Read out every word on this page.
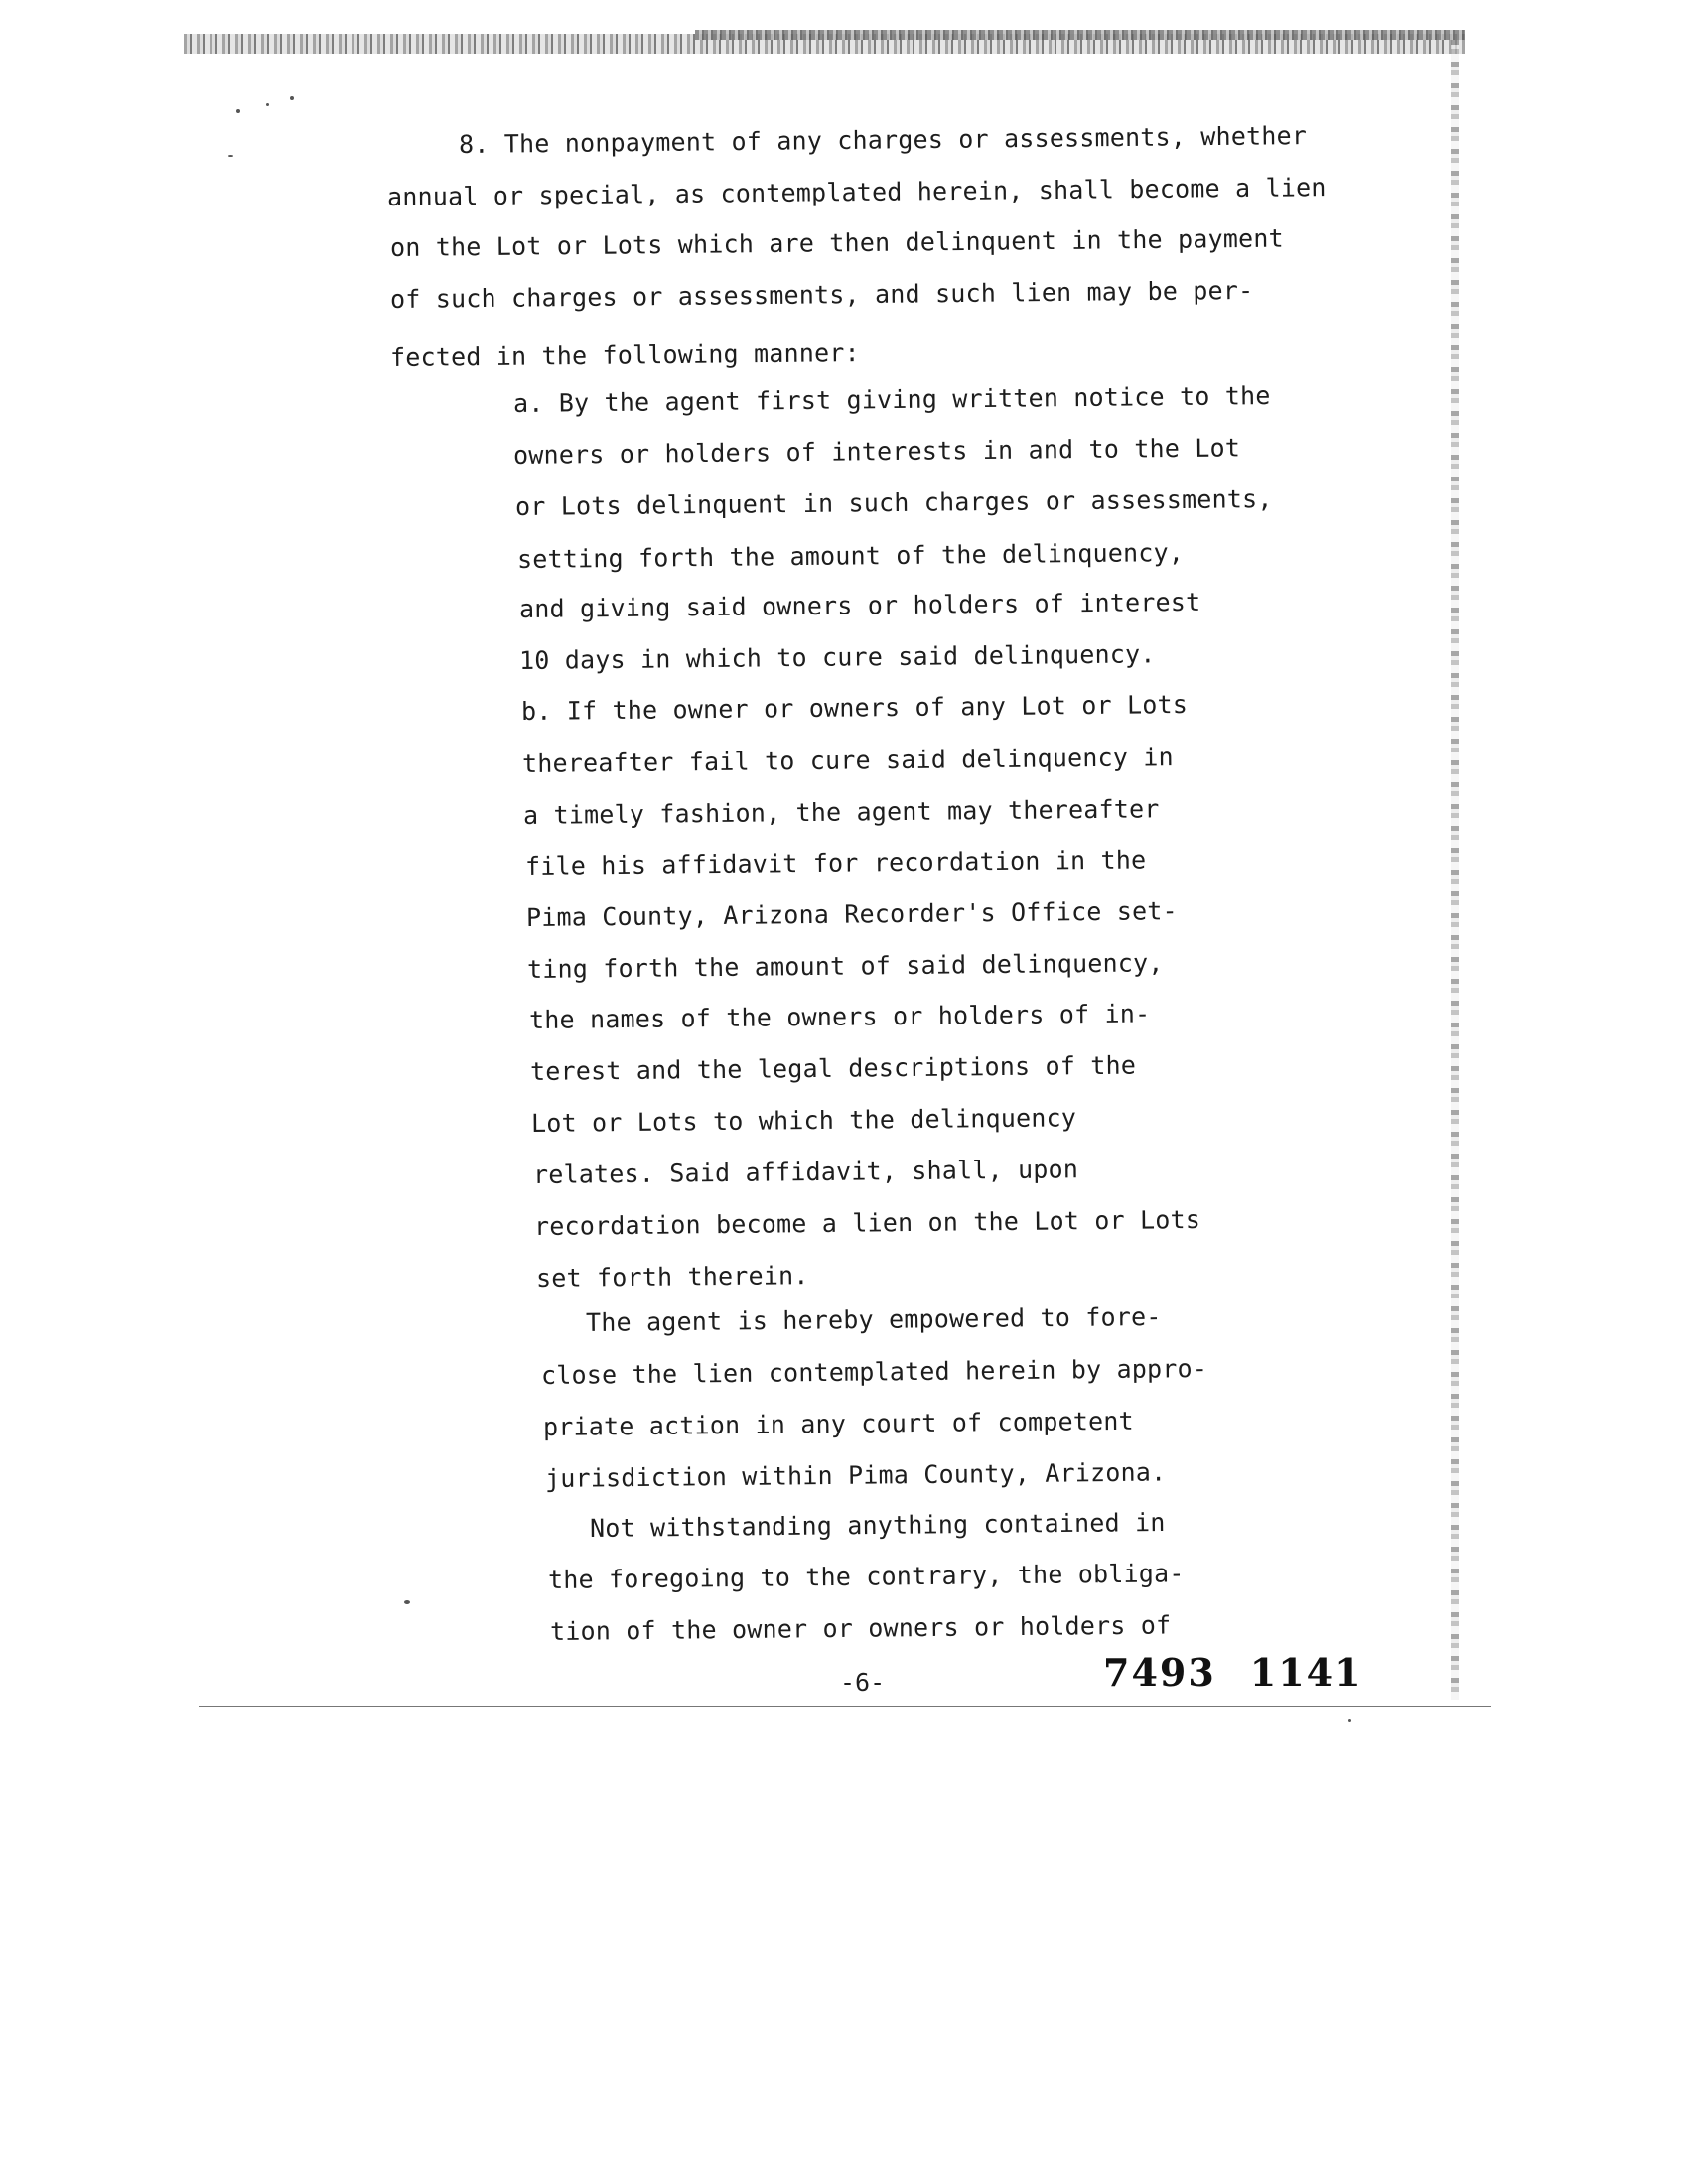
8. The nonpayment of any charges or assessments, whether

annual or special, as contemplated herein, shall become a lien

on the Lot or Lots which are then delinquent in the payment

of such charges or assessments, and such lien may be per-

fected in the following manner:

a. By the agent first giving written notice to the

owners or holders of interests in and to the Lot

or Lots delinquent in such charges or assessments,

setting forth the amount of the delinquency,

and giving said owners or holders of interest

10 days in which to cure said delinquency.

b. If the owner or owners of any Lot or Lots

thereafter fail to cure said delinquency in

a timely fashion, the agent may thereafter

file his affidavit for recordation in the

Pima County, Arizona Recorder's Office set-

ting forth the amount of said delinquency,

the names of the owners or holders of in-

terest and the legal descriptions of the

Lot or Lots to which the delinquency

relates. Said affidavit, shall, upon

recordation become a lien on the Lot or Lots

set forth therein.

The agent is hereby empowered to fore-

close the lien contemplated herein by appro-

priate action in any court of competent

jurisdiction within Pima County, Arizona.

Not withstanding anything contained in

the foregoing to the contrary, the obliga-

tion of the owner or owners or holders of

-6-	7493 1141
